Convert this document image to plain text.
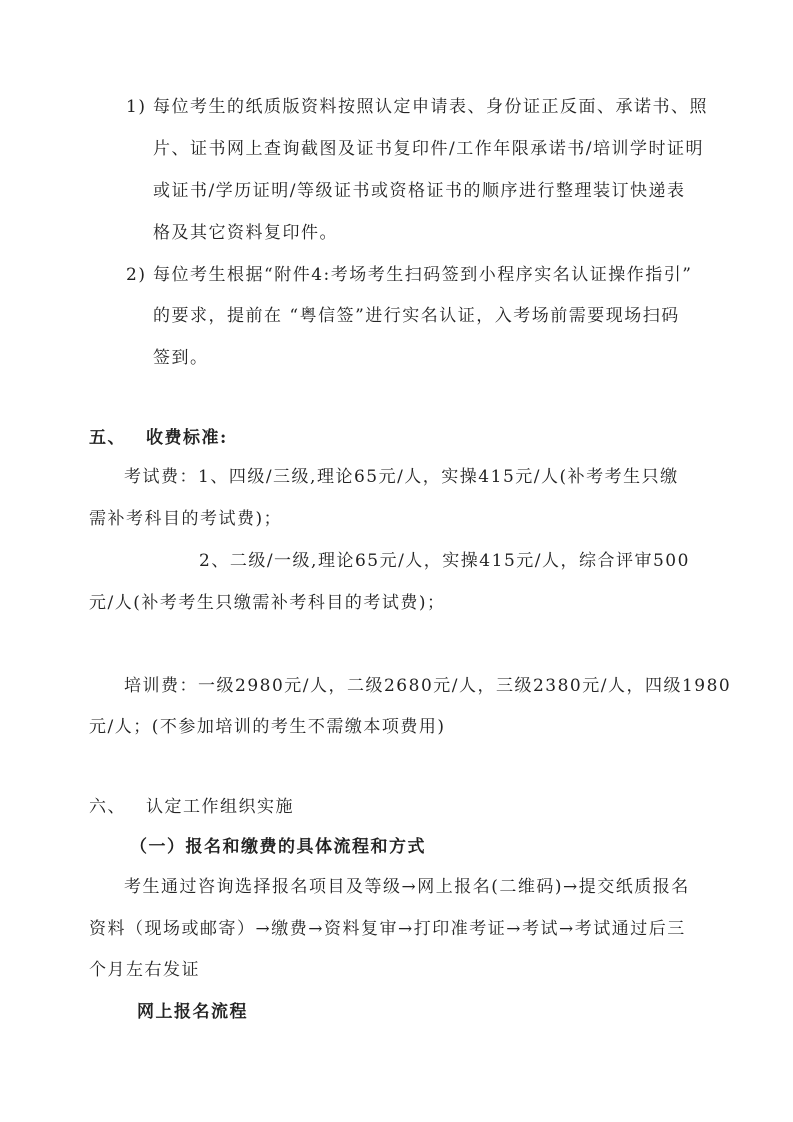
1) 每位考生的纸质版资料按照认定申请表、身份证正反面、承诺书、照
片、证书网上查询截图及证书复印件/工作年限承诺书/培训学时证明
或证书/学历证明/等级证书或资格证书的顺序进行整理装订快递表
格及其它资料复印件。
2) 每位考生根据“附件4:考场考生扫码签到小程序实名认证操作指引”
的要求，提前在 “粤信签”进行实名认证，入考场前需要现场扫码
签到。
五、 收费标准:
考试费：1、四级/三级,理论65元/人，实操415元/人(补考考生只缴
需补考科目的考试费)；
2、二级/一级,理论65元/人，实操415元/人，综合评审500
元/人(补考考生只缴需补考科目的考试费)；
培训费：一级2980元/人，二级2680元/人，三级2380元/人，四级1980
元/人；(不参加培训的考生不需缴本项费用)
六、 认定工作组织实施
（一）报名和缴费的具体流程和方式
考生通过咨询选择报名项目及等级→网上报名(二维码)→提交纸质报名
资料（现场或邮寄）→缴费→资料复审→打印准考证→考试→考试通过后三
个月左右发证
网上报名流程
